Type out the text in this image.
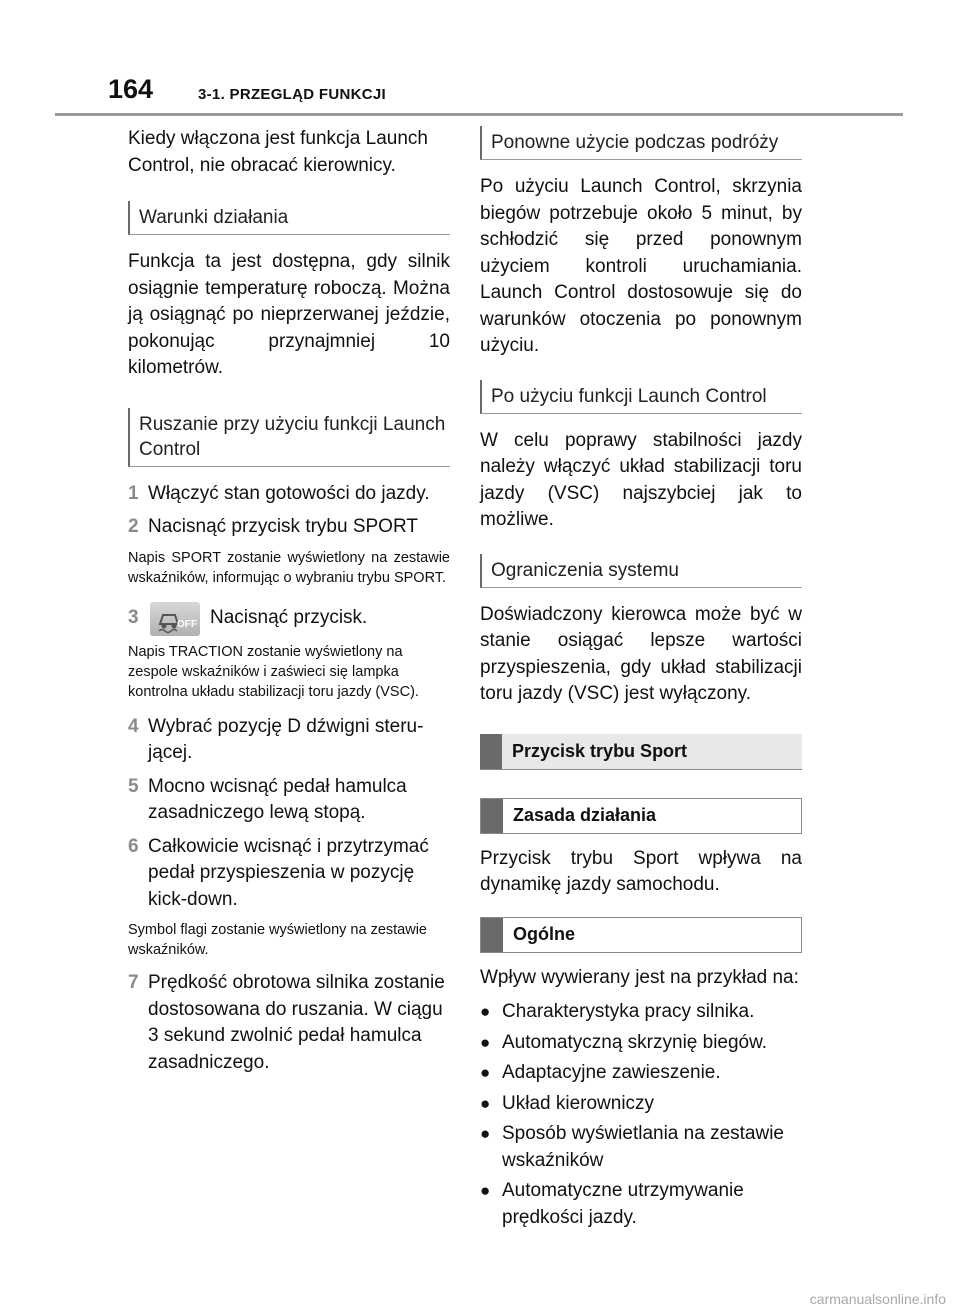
164	3-1. PRZEGLĄD FUNKCJI

Kiedy włączona jest funkcja Launch Control, nie obracać kierownicy.

Warunki działania

Funkcja ta jest dostępna, gdy silnik osiągnie temperaturę roboczą. Można ją osiągnąć po nieprzerwanej jeździe, pokonując przynajmniej 10 kilometrów.

Ruszanie przy użyciu funkcji Launch Control
1 Włączyć stan gotowości do jazdy.
2 Nacisnąć przycisk trybu SPORT

Napis SPORT zostanie wyświetlony na zestawie wskaźników, informując o wybraniu trybu SPORT.

3	OFF Nacisnąć przycisk.

Napis TRACTION zostanie wyświetlony na zespole wskaźników i zaświeci się lampka kontrolna układu stabilizacji toru jazdy (VSC).

4 Wybrać pozycję D dźwigni sterującej.
5 Mocno wcisnąć pedał hamulca zasadniczego lewą stopą.
6 Całkowicie wcisnąć i przytrzymać pedał przyspieszenia w pozycję kick-down.

Symbol flagi zostanie wyświetlony na zestawie wskaźników.

7 Prędkość obrotowa silnika zostanie dostosowana do ruszania. W ciągu 3 sekund zwolnić pedał hamulca zasadniczego.
Ponowne użycie podczas podróży

Po użyciu Launch Control, skrzynia biegów potrzebuje około 5 minut, by schłodzić się przed ponownym użyciem kontroli uruchamiania. Launch Control dostosowuje się do warunków otoczenia po ponownym użyciu.

Po użyciu funkcji Launch Control

W celu poprawy stabilności jazdy należy włączyć układ stabilizacji toru jazdy (VSC) najszybciej jak to możliwe.

Ograniczenia systemu

Doświadczony kierowca może być w stanie osiągać lepsze wartości przyspieszenia, gdy układ stabilizacji toru jazdy (VSC) jest wyłączony.

Przycisk trybu Sport
Zasada działania

Przycisk trybu Sport wpływa na dynamikę jazdy samochodu.

Ogólne

Wpływ wywierany jest na przykład na:

● Charakterystyka pracy silnika.
● Automatyczną skrzynię biegów.
● Adaptacyjne zawieszenie.
● Układ kierowniczy
● Sposób wyświetlania na zestawie wskaźników
● Automatyczne utrzymywanie prędkości jazdy.
carmanualsonline.info
